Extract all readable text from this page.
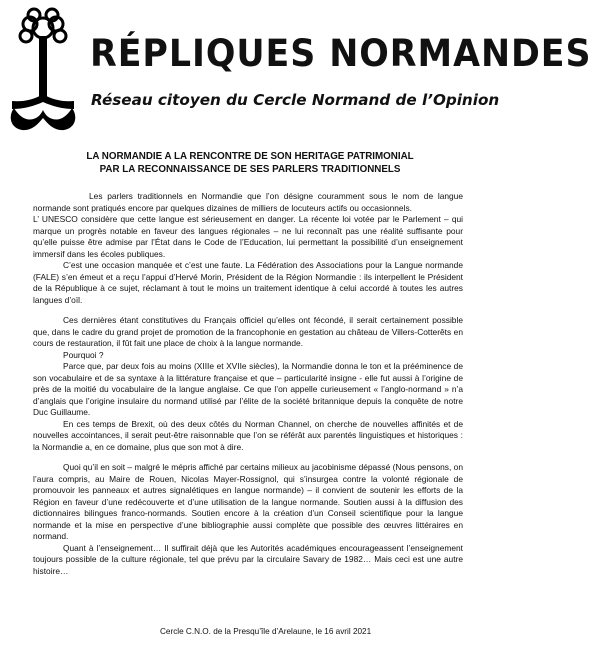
RÉPLIQUES NORMANDES
Réseau citoyen du Cercle Normand de l’Opinion
LA NORMANDIE A LA RENCONTRE DE SON HERITAGE PATRIMONIAL
PAR LA RECONNAISSANCE DE SES PARLERS TRADITIONNELS

Les parlers traditionnels en Normandie que l’on désigne couramment sous le nom de langue normande sont pratiqués encore par quelques dizaines de milliers de locuteurs actifs ou occasionnels.

L’ UNESCO considère que cette langue est sérieusement en danger. La récente loi votée par le Parlement – qui marque un progrès notable en faveur des langues régionales – ne lui reconnaît pas une réalité suffisante pour qu’elle puisse être admise par l’État dans le Code de l’Education, lui permettant la possibilité d’un enseignement immersif dans les écoles publiques.

C’est une occasion manquée et c’est une faute. La Fédération des Associations pour la Langue normande (FALE) s’en émeut et a reçu l’appui d’Hervé Morin, Président de la Région Normandie : ils interpellent le Président de la République à ce sujet, réclamant à tout le moins un traitement identique à celui accordé à toutes les autres langues d’oïl.

Ces dernières étant constitutives du Français officiel qu’elles ont fécondé, il serait certainement possible que, dans le cadre du grand projet de promotion de la francophonie en gestation au château de Villers-Cotterêts en cours de restauration, il fût fait une place de choix à la langue normande.

Pourquoi ?

Parce que, par deux fois au moins (XIIIe et XVIIe siècles), la Normandie donna le ton et la prééminence de son vocabulaire et de sa syntaxe à la littérature française et que – particularité insigne - elle fut aussi à l’origine de près de la moitié du vocabulaire de la langue anglaise. Ce que l’on appelle curieusement « l’anglo-normand » n’a d’anglais que l’origine insulaire du normand utilisé par l’élite de la société britannique depuis la conquête de notre Duc Guillaume.

En ces temps de Brexit, où des deux côtés du Norman Channel, on cherche de nouvelles affinités et de nouvelles accointances, il serait peut-être raisonnable que l’on se référât aux parentés linguistiques et historiques : la Normandie a, en ce domaine, plus que son mot à dire.

Quoi qu’il en soit – malgré le mépris affiché par certains milieux au jacobinisme dépassé (Nous pensons, on l’aura compris, au Maire de Rouen, Nicolas Mayer-Rossignol, qui s’insurgea contre la volonté régionale de promouvoir les panneaux et autres signalétiques en langue normande) – il convient de soutenir les efforts de la Région en faveur d’une redécouverte et d’une utilisation de la langue normande. Soutien aussi à la diffusion des dictionnaires bilingues franco-normands. Soutien encore à la création d’un Conseil scientifique pour la langue normande et la mise en perspective d’une bibliographie aussi complète que possible des œuvres littéraires en normand.

Quant à l’enseignement… Il suffirait déjà que les Autorités académiques encourageassent l’enseignement toujours possible de la culture régionale, tel que prévu par la circulaire Savary de 1982… Mais ceci est une autre histoire…

Cercle C.N.O. de la Presqu’île d’Arelaune, le 16 avril 2021
